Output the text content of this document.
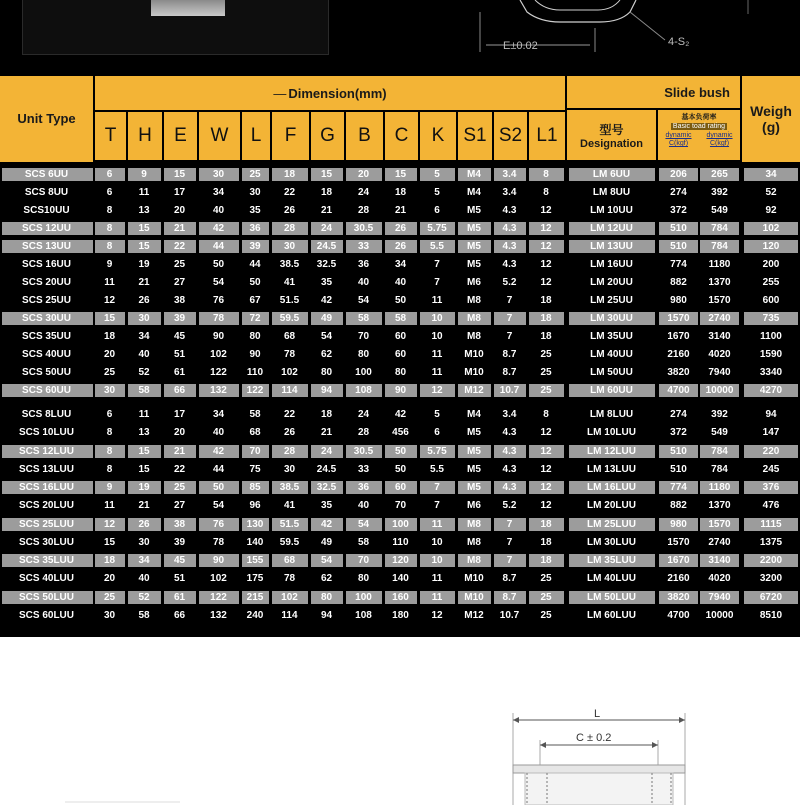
E±0.02	4-S₂
Unit Type
— Dimension(mm)	Slide bush
型号
Designation
基本负荷率
Basic toad rating
dynamic C(kgf)
dynamic C(kgf)
Weigh (g)
T	H	E	W	L	F	G	B	C	K	S1 S2 L1
SCS 6UU	6	9	15	30	25	18	15	20	15	5	M4	3.4	8	LM 6UU	206	265	34
SCS 8UU	6	11	17	34	30	22	18	24	18	5	M4	3.4	8	LM 8UU	274	392	52
SCS10UU	8	13	20	40	35	26	21	28	21	6	M5	4.3	12	LM 10UU	372	549	92
SCS 12UU	8	15	21	42	36	28	24	30.5	26	5.75	M5	4.3	12	LM 12UU	510	784	102
SCS 13UU	8	15	22	44	39	30	24.5	33	26	5.5	M5	4.3	12	LM 13UU	510	784	120
SCS 16UU	9	19	25	50	44	38.5	32.5	36	34	7	M5	4.3	12	LM 16UU	774	1180	200
SCS 20UU	11	21	27	54	50	41	35	40	40	7	M6	5.2	12	LM 20UU	882	1370	255
SCS 25UU	12	26	38	76	67	51.5	42	54	50	11	M8	7	18	LM 25UU	980	1570	600
SCS 30UU	15	30	39	78	72	59.5	49	58	58	10	M8	7	18	LM 30UU	1570	2740	735
SCS 35UU	18	34	45	90	80	68	54	70	60	10	M8	7	18	LM 35UU	1670	3140	1100
SCS 40UU	20	40	51	102	90	78	62	80	60	11	M10	8.7	25	LM 40UU	2160	4020	1590
SCS 50UU	25	52	61	122	110	102	80	100	80	11	M10	8.7	25	LM 50UU	3820	7940	3340
SCS 60UU	30	58	66	132	122	114	94	108	90	12	M12	10.7	25	LM 60UU	4700	10000	4270
SCS 8LUU	6	11	17	34	58	22	18	24	42	5	M4	3.4	8	LM 8LUU	274	392	94
SCS 10LUU	8	13	20	40	68	26	21	28	456	6	M5	4.3	12	LM 10LUU	372	549	147
SCS 12LUU	8	15	21	42	70	28	24	30.5	50	5.75	M5	4.3	12	LM 12LUU	510	784	220
SCS 13LUU	8	15	22	44	75	30	24.5	33	50	5.5	M5	4.3	12	LM 13LUU	510	784	245
SCS 16LUU	9	19	25	50	85	38.5	32.5	36	60	7	M5	4.3	12	LM 16LUU	774	1180	376
SCS 20LUU	11	21	27	54	96	41	35	40	70	7	M6	5.2	12	LM 20LUU	882	1370	476
SCS 25LUU	12	26	38	76	130	51.5	42	54	100	11	M8	7	18	LM 25LUU	980	1570	1115
SCS 30LUU	15	30	39	78	140	59.5	49	58	110	10	M8	7	18	LM 30LUU	1570	2740	1375
SCS 35LUU	18	34	45	90	155	68	54	70	120	10	M8	7	18	LM 35LUU	1670	3140	2200
SCS 40LUU	20	40	51	102	175	78	62	80	140	11	M10	8.7	25	LM 40LUU	2160	4020	3200
SCS 50LUU	25	52	61	122	215	102	80	100	160	11	M10	8.7	25	LM 50LUU	3820	7940	6720
SCS 60LUU	30	58	66	132	240	114	94	108	180	12	M12	10.7	25	LM 60LUU	4700	10000	8510
L
C ± 0.2
